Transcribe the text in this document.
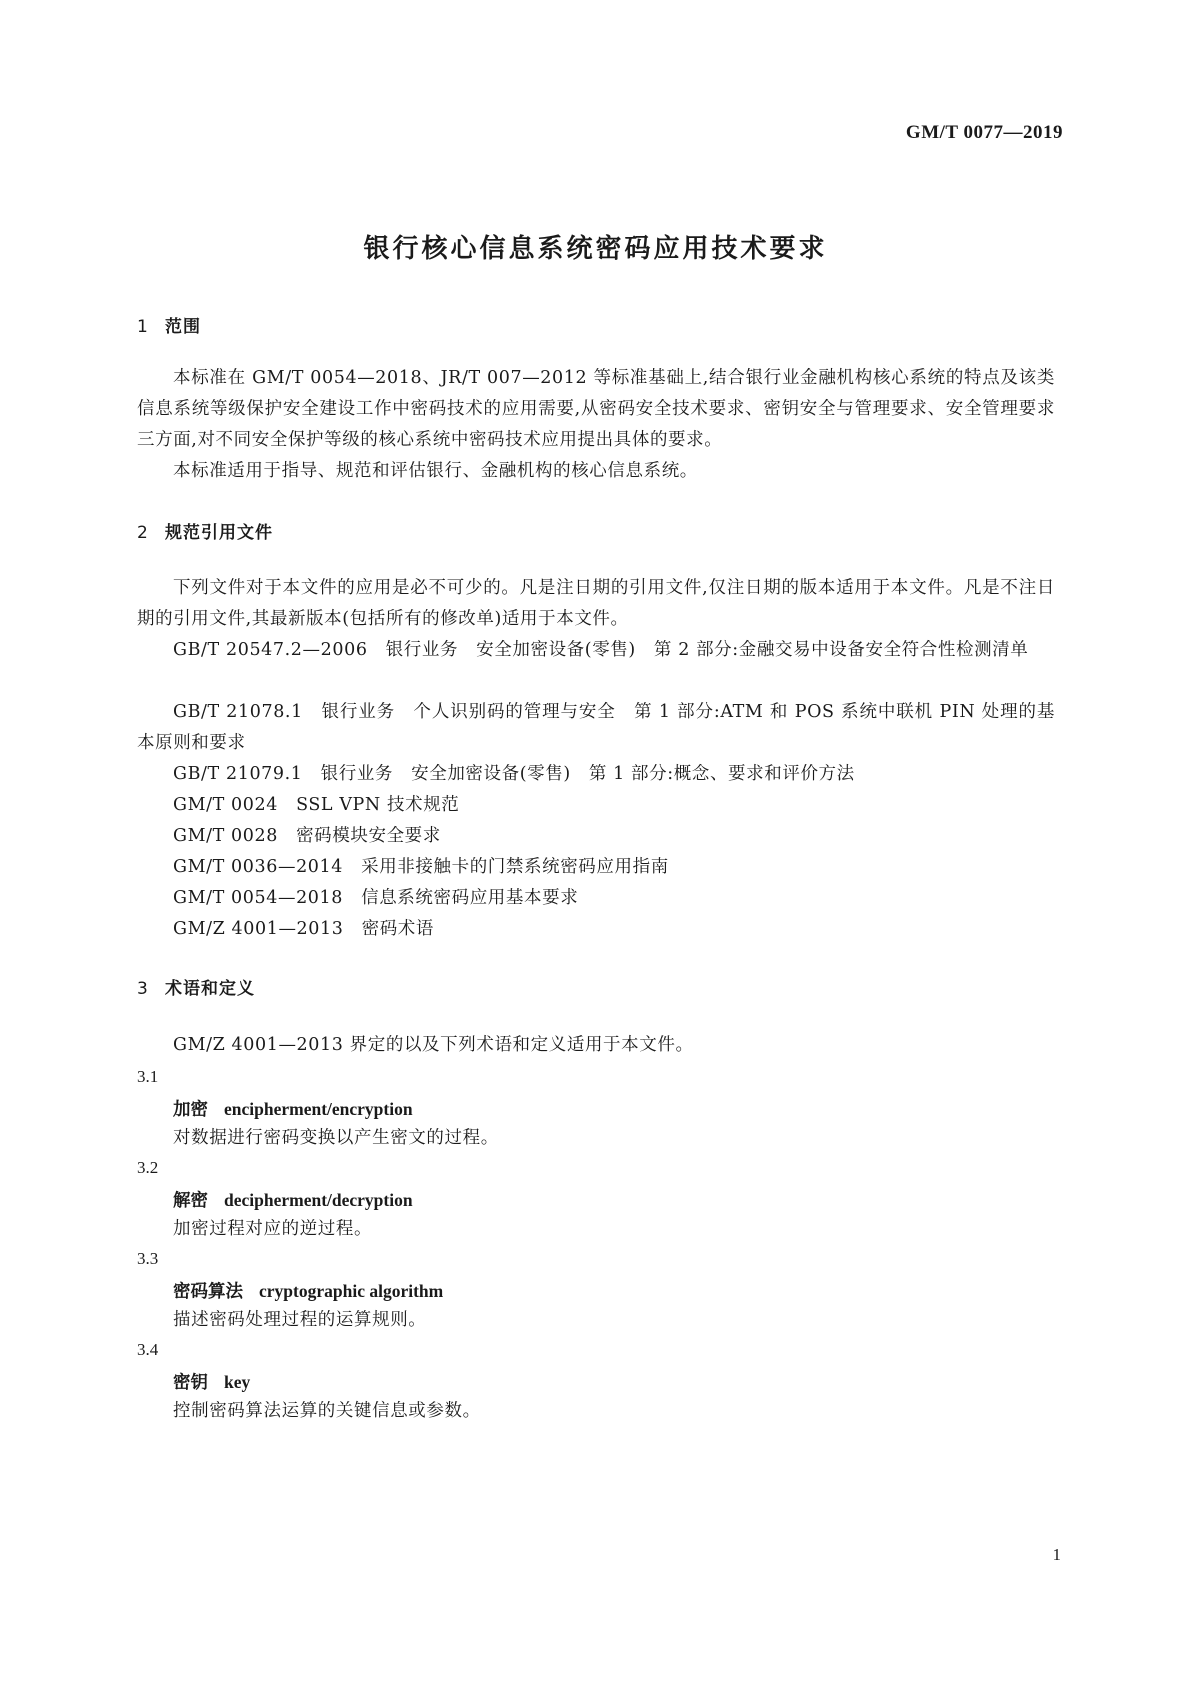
GM/T 0077—2019
银行核心信息系统密码应用技术要求
1 范围
本标准在 GM/T 0054—2018、JR/T 007—2012 等标准基础上,结合银行业金融机构核心系统的特点及该类信息系统等级保护安全建设工作中密码技术的应用需要,从密码安全技术要求、密钥安全与管理要求、安全管理要求三方面,对不同安全保护等级的核心系统中密码技术应用提出具体的要求。
本标准适用于指导、规范和评估银行、金融机构的核心信息系统。
2 规范引用文件
下列文件对于本文件的应用是必不可少的。凡是注日期的引用文件,仅注日期的版本适用于本文件。凡是不注日期的引用文件,其最新版本(包括所有的修改单)适用于本文件。
GB/T 20547.2—2006　银行业务　安全加密设备(零售)　第 2 部分:金融交易中设备安全符合性检测清单
GB/T 21078.1　银行业务　个人识别码的管理与安全　第 1 部分:ATM 和 POS 系统中联机 PIN 处理的基本原则和要求
GB/T 21079.1　银行业务　安全加密设备(零售)　第 1 部分:概念、要求和评价方法
GM/T 0024　SSL VPN 技术规范
GM/T 0028　密码模块安全要求
GM/T 0036—2014　采用非接触卡的门禁系统密码应用指南
GM/T 0054—2018　信息系统密码应用基本要求
GM/Z 4001—2013　密码术语
3 术语和定义
GM/Z 4001—2013 界定的以及下列术语和定义适用于本文件。
3.1
加密 encipherment/encryption
对数据进行密码变换以产生密文的过程。
3.2
解密 decipherment/decryption
加密过程对应的逆过程。
3.3
密码算法 cryptographic algorithm
描述密码处理过程的运算规则。
3.4
密钥 key
控制密码算法运算的关键信息或参数。
1
